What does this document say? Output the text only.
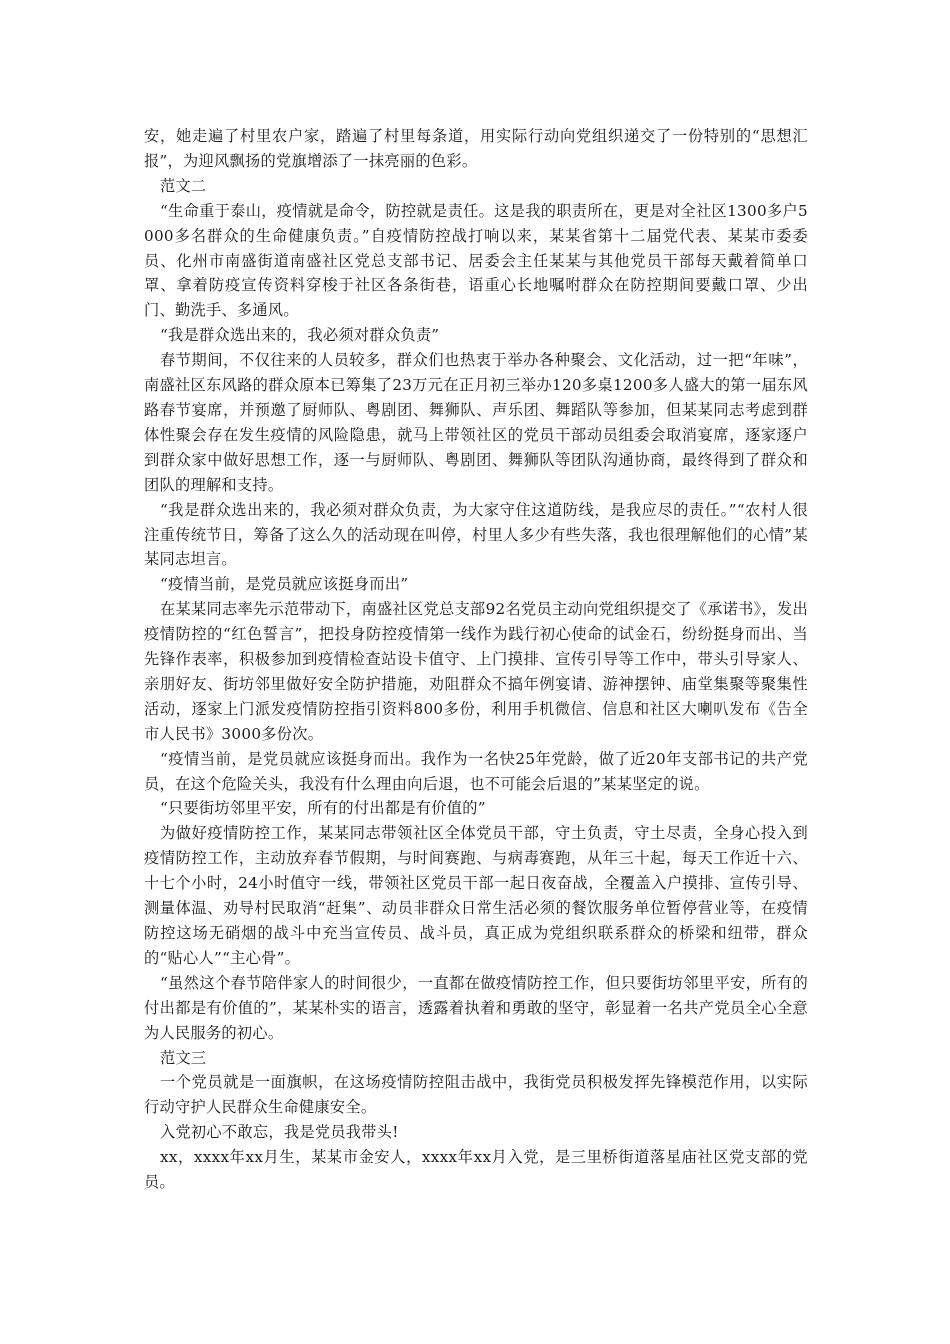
安，她走遍了村里农户家，踏遍了村里每条道，用实际行动向党组织递交了一份特别的“思想汇报”，为迎风飘扬的党旗增添了一抹亮丽的色彩。

范文二

“生命重于泰山，疫情就是命令，防控就是责任。这是我的职责所在，更是对全社区1300多户5000多名群众的生命健康负责。”自疫情防控战打响以来，某某省第十二届党代表、某某市委委员、化州市南盛街道南盛社区党总支部书记、居委会主任某某与其他党员干部每天戴着简单口罩、拿着防疫宣传资料穿梭于社区各条街巷，语重心长地嘱咐群众在防控期间要戴口罩、少出门、勤洗手、多通风。

“我是群众选出来的，我必须对群众负责”

春节期间，不仅往来的人员较多，群众们也热衷于举办各种聚会、文化活动，过一把“年味”，南盛社区东风路的群众原本已筹集了23万元在正月初三举办120多桌1200多人盛大的第一届东风路春节宴席，并预邀了厨师队、粤剧团、舞狮队、声乐团、舞蹈队等参加，但某某同志考虑到群体性聚会存在发生疫情的风险隐患，就马上带领社区的党员干部动员组委会取消宴席，逐家逐户到群众家中做好思想工作，逐一与厨师队、粤剧团、舞狮队等团队沟通协商，最终得到了群众和团队的理解和支持。

“我是群众选出来的，我必须对群众负责，为大家守住这道防线，是我应尽的责任。”“农村人很注重传统节日，筹备了这么久的活动现在叫停，村里人多少有些失落，我也很理解他们的心情”某某同志坦言。

“疫情当前，是党员就应该挺身而出”

在某某同志率先示范带动下，南盛社区党总支部92名党员主动向党组织提交了《承诺书》，发出疫情防控的“红色誓言”，把投身防控疫情第一线作为践行初心使命的试金石，纷纷挺身而出、当先锋作表率，积极参加到疫情检查站设卡值守、上门摸排、宣传引导等工作中，带头引导家人、亲朋好友、街坊邻里做好安全防护措施，劝阻群众不搞年例宴请、游神摆钟、庙堂集聚等聚集性活动，逐家上门派发疫情防控指引资料800多份，利用手机微信、信息和社区大喇叭发布《告全市人民书》3000多份次。

“疫情当前，是党员就应该挺身而出。我作为一名快25年党龄，做了近20年支部书记的共产党员，在这个危险关头，我没有什么理由向后退，也不可能会后退的”某某坚定的说。

“只要街坊邻里平安，所有的付出都是有价值的”

为做好疫情防控工作，某某同志带领社区全体党员干部，守土负责，守土尽责，全身心投入到疫情防控工作，主动放弃春节假期，与时间赛跑、与病毒赛跑，从年三十起，每天工作近十六、十七个小时，24小时值守一线，带领社区党员干部一起日夜奋战，全覆盖入户摸排、宣传引导、测量体温、劝导村民取消“赶集”、动员非群众日常生活必须的餐饮服务单位暂停营业等，在疫情防控这场无硝烟的战斗中充当宣传员、战斗员，真正成为党组织联系群众的桥梁和纽带，群众的“贴心人”“主心骨”。

“虽然这个春节陪伴家人的时间很少，一直都在做疫情防控工作，但只要街坊邻里平安，所有的付出都是有价值的”，某某朴实的语言，透露着执着和勇敢的坚守，彰显着一名共产党员全心全意为人民服务的初心。

范文三

一个党员就是一面旗帜，在这场疫情防控阻击战中，我街党员积极发挥先锋模范作用，以实际行动守护人民群众生命健康安全。

入党初心不敢忘，我是党员我带头!

xx，xxxx年xx月生，某某市金安人，xxxx年xx月入党，是三里桥街道落星庙社区党支部的党员。
